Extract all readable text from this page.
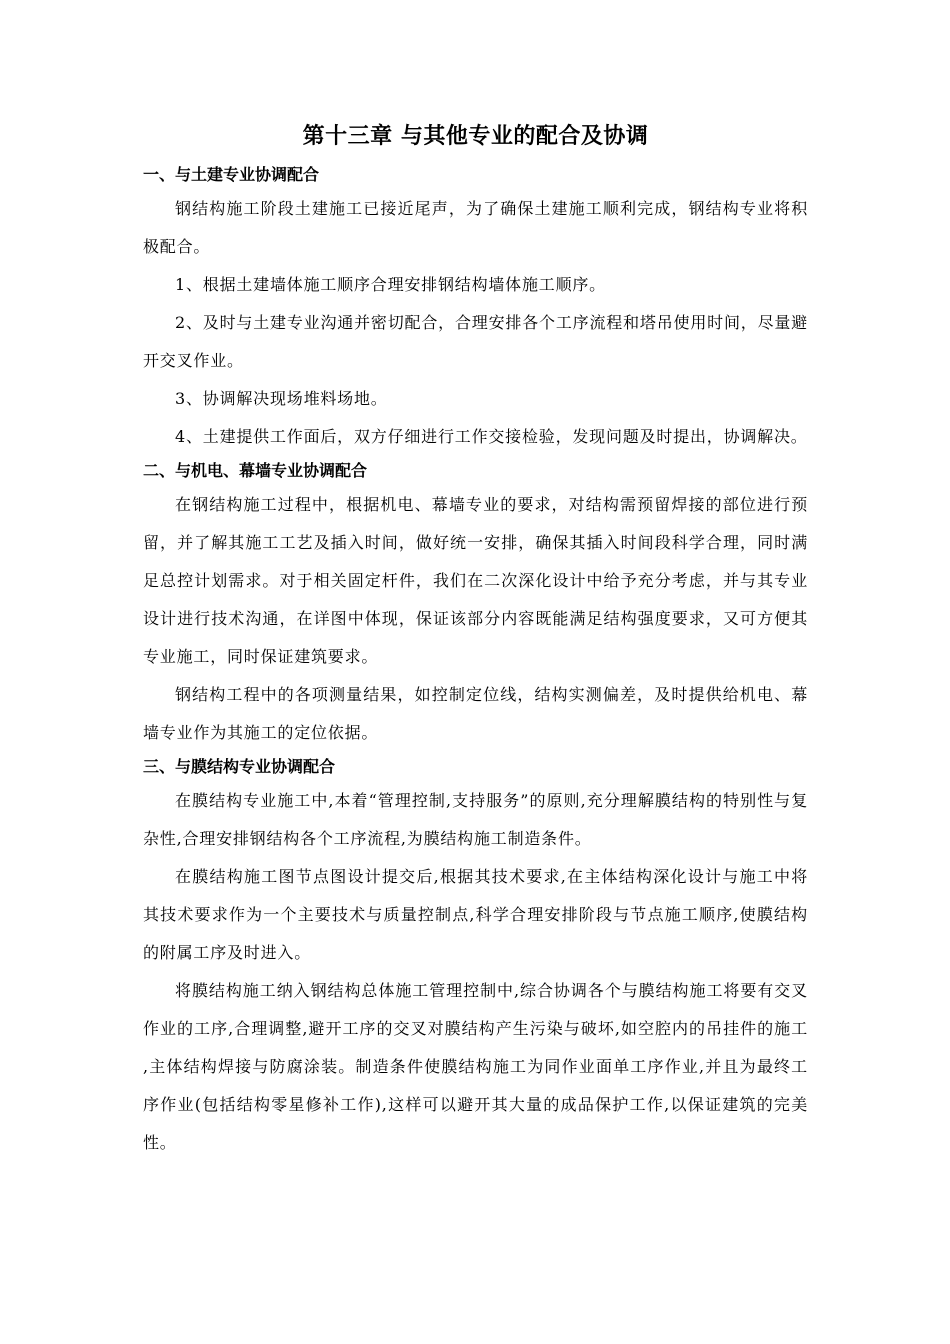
第十三章 与其他专业的配合及协调
一、与土建专业协调配合

钢结构施工阶段土建施工已接近尾声，为了确保土建施工顺利完成，钢结构专业将积极配合。

1、根据土建墙体施工顺序合理安排钢结构墙体施工顺序。

2、及时与土建专业沟通并密切配合，合理安排各个工序流程和塔吊使用时间，尽量避开交叉作业。

3、协调解决现场堆料场地。

4、土建提供工作面后，双方仔细进行工作交接检验，发现问题及时提出，协调解决。

二、与机电、幕墙专业协调配合

在钢结构施工过程中，根据机电、幕墙专业的要求，对结构需预留焊接的部位进行预留，并了解其施工工艺及插入时间，做好统一安排，确保其插入时间段科学合理，同时满足总控计划需求。对于相关固定杆件，我们在二次深化设计中给予充分考虑，并与其专业设计进行技术沟通，在详图中体现，保证该部分内容既能满足结构强度要求，又可方便其专业施工，同时保证建筑要求。

钢结构工程中的各项测量结果，如控制定位线，结构实测偏差，及时提供给机电、幕墙专业作为其施工的定位依据。

三、与膜结构专业协调配合

在膜结构专业施工中,本着“管理控制,支持服务”的原则,充分理解膜结构的特别性与复杂性,合理安排钢结构各个工序流程,为膜结构施工制造条件。

在膜结构施工图节点图设计提交后,根据其技术要求,在主体结构深化设计与施工中将其技术要求作为一个主要技术与质量控制点,科学合理安排阶段与节点施工顺序,使膜结构的附属工序及时进入。

将膜结构施工纳入钢结构总体施工管理控制中,综合协调各个与膜结构施工将要有交叉作业的工序,合理调整,避开工序的交叉对膜结构产生污染与破坏,如空腔内的吊挂件的施工 ,主体结构焊接与防腐涂装。制造条件使膜结构施工为同作业面单工序作业,并且为最终工序作业(包括结构零星修补工作),这样可以避开其大量的成品保护工作,以保证建筑的完美性。
